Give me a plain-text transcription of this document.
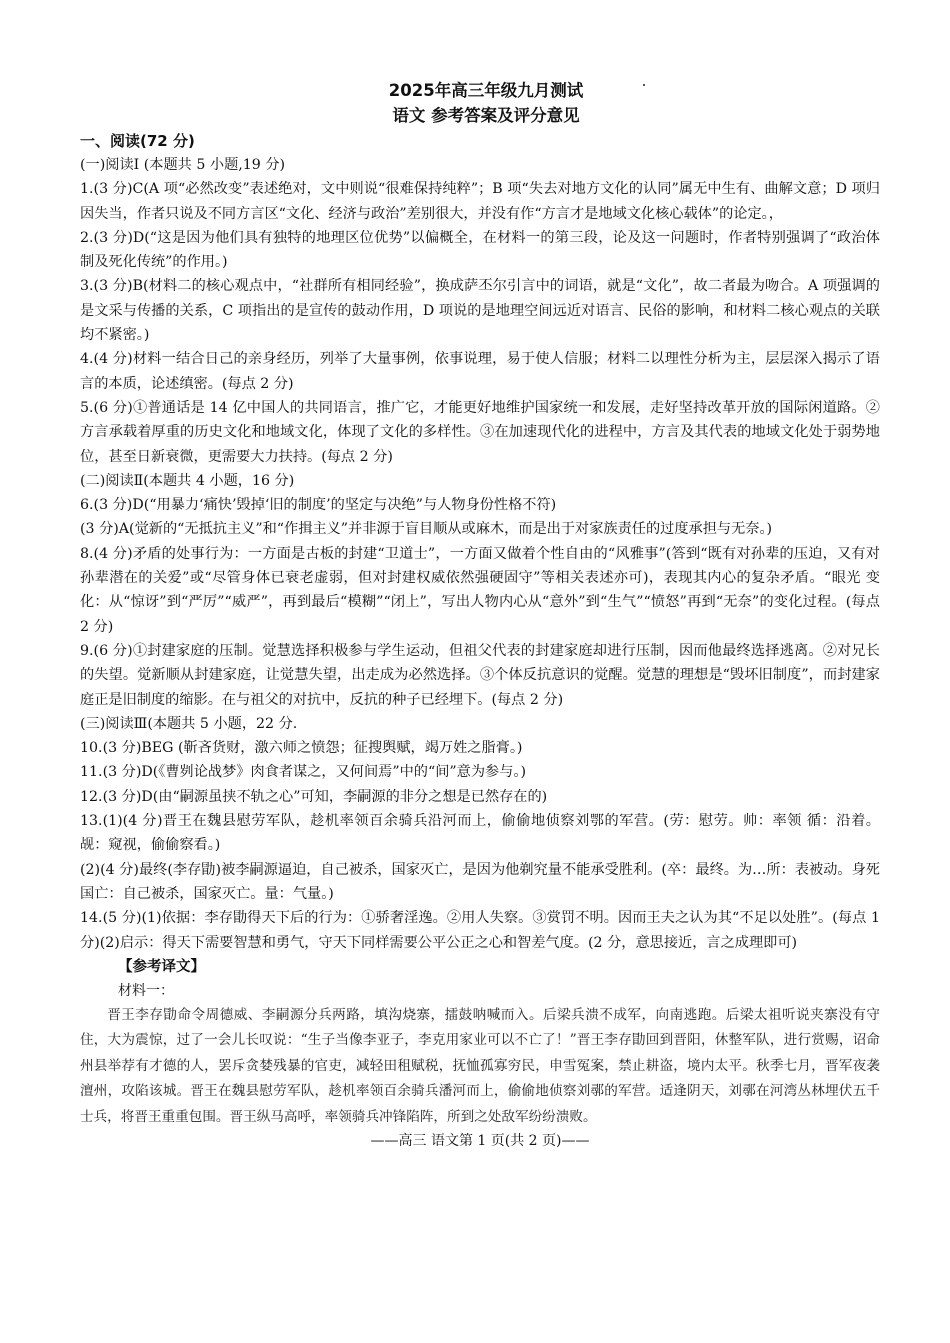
2025年高三年级九月测试
语文 参考答案及评分意见
一、阅读(72 分)

(一)阅读Ⅰ (本题共 5 小题,19 分)

1.(3 分)C(A 项“必然改变”表述绝对，文中则说“很难保持纯粹”；B 项“失去对地方文化的认同”属无中生有、曲解文意；D 项归因失当，作者只说及不同方言区“文化、经济与政治”差别很大，并没有作“方言才是地域文化核心载体”的论定。，

2.(3 分)D(“这是因为他们具有独特的地理区位优势”以偏概全，在材料一的第三段，论及这一问题时，作者特别强调了“政治体制及死化传统”的作用。)

3.(3 分)B(材料二的核心观点中，“社群所有相同经验”，换成萨丕尔引言中的词语，就是“文化”，故二者最为吻合。A 项强调的是文采与传播的关系，C 项指出的是宣传的鼓动作用，D 项说的是地理空间远近对语言、民俗的影响，和材料二核心观点的关联均不紧密。)

4.(4 分)材料一结合日己的亲身经历，列举了大量事例，依事说理，易于使人信服；材料二以理性分析为主，层层深入揭示了语言的本质，论述缜密。(每点 2 分)

5.(6 分)①普通话是 14 亿中国人的共同语言，推广它，才能更好地维护国家统一和发展，走好坚持改革开放的国际闲道路。②方言承载着厚重的历史文化和地域文化，体现了文化的多样性。③在加速现代化的进程中，方言及其代表的地域文化处于弱势地位，甚至日新衰微，更需要大力扶持。(每点 2 分)

(二)阅读Ⅱ(本题共 4 小题，16 分)

6.(3 分)D(“用暴力‘痛快’毁掉‘旧的制度’的坚定与决绝”与人物身份性格不符)

(3 分)A(觉新的“无抵抗主义”和“作揖主义”并非源于盲目顺从或麻木，而是出于对家族责任的过度承担与无奈。)

8.(4 分)矛盾的处事行为：一方面是古板的封建“卫道士”，一方面又做着个性自由的“风雅事”(答到“既有对孙辈的压迫，又有对孙辈潜在的关爱”或“尽管身体已衰老虚弱，但对封建权威依然强硬固守”等相关表述亦可)，表现其内心的复杂矛盾。“眼光 变化：从“惊讶”到“严厉”“威严”，再到最后“模糊”“闭上”，写出人物内心从“意外”到“生气”“愤怒”再到“无奈”的变化过程。(每点 2 分)

9.(6 分)①封建家庭的压制。觉慧选择积极参与学生运动，但祖父代表的封建家庭却进行压制，因而他最终选择逃离。②对兄长的失望。觉新顺从封建家庭，让觉慧失望，出走成为必然选择。③个体反抗意识的觉醒。觉慧的理想是“毁坏旧制度”，而封建家庭正是旧制度的缩影。在与祖父的对抗中，反抗的种子已经埋下。(每点 2 分)

(三)阅读Ⅲ(本题共 5 小题，22 分.

10.(3 分)BEG (靳吝货财，激六师之愤怨；征搜舆赋，竭万姓之脂膏。)

11.(3 分)D(《曹刿论战梦》肉食者谋之，又何间焉”中的“间”意为参与。)

12.(3 分)D(由“嗣源虽挟不轨之心”可知，李嗣源的非分之想是已然存在的)

13.(1)(4 分)晋王在魏县慰劳军队，趁机率领百余骑兵沿河而上，偷偷地侦察刘鄂的军营。(劳：慰劳。帅：率领 循：沿着。觇：窥视，偷偷察看。)

(2)(4 分)最终(李存勖)被李嗣源逼迫，自己被杀，国家灭亡，是因为他剃究量不能承受胜利。(卒：最终。为…所：表被动。身死国亡：自己被杀，国家灭亡。量：气量。)

14.(5 分)(1)依据：李存勖得天下后的行为：①骄奢淫逸。②用人失察。③赏罚不明。因而王夫之认为其“不足以处胜”。(每点 1 分)(2)启示：得天下需要智慧和勇气，守天下同样需要公平公正之心和智差气度。(2 分，意思接近，言之成理即可)

【参考译文】
材料一：

晋王李存勖命令周德威、李嗣源分兵两路，填沟烧寨，擂鼓呐喊而入。后梁兵溃不成军，向南逃跑。后梁太祖听说夹寨没有守住，大为震惊，过了一会儿长叹说：“生子当像李亚子，李克用家业可以不亡了！”晋王李存勖回到晋阳，休整军队，进行赏赐，诏命州县举荐有才德的人，罢斥贪婪残暴的官吏，减轻田租赋税，抚恤孤寡穷民，申雪冤案，禁止耕盗，境内太平。秋季七月，晋军夜袭澶州，攻陷该城。晋王在魏县慰劳军队，趁机率领百余骑兵潘河而上，偷偷地侦察刘鄩的军营。适逢阴天，刘鄩在河湾丛林埋伏五千士兵，将晋王重重包围。晋王纵马高呼，率领骑兵冲锋陷阵，所到之处敌军纷纷溃败。

——高三 语文第 1 页(共 2 页)——
